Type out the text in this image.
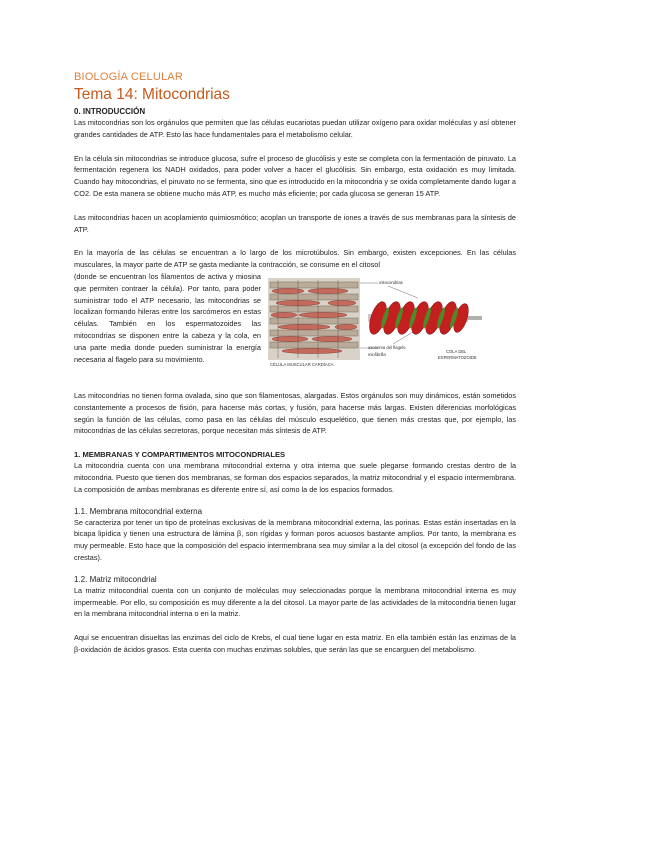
BIOLOGÍA CELULAR
Tema 14: Mitocondrias
0. INTRODUCCIÓN

Las mitocondrias son los orgánulos que permiten que las células eucariotas puedan utilizar oxígeno para oxidar moléculas y así obtener grandes cantidades de ATP. Esto las hace fundamentales para el metabolismo celular.

En la célula sin mitocondrias se introduce glucosa, sufre el proceso de glucólisis y este se completa con la fermentación de piruvato. La fermentación regenera los NADH oxidados, para poder volver a hacer el glucólisis. Sin embargo, esta oxidación es muy limitada. Cuando hay mitocondrias, el piruvato no se fermenta, sino que es introducido en la mitocondria y se oxida completamente dando lugar a CO2. De esta manera se obtiene mucho más ATP, es mucho más eficiente; por cada glucosa se generan 15 ATP.

Las mitocondrias hacen un acoplamiento quimiosmótico; acoplan un transporte de iones a través de sus membranas para la síntesis de ATP.

En la mayoría de las células se encuentran a lo largo de los microtúbulos. Sin embargo, existen excepciones. En las células musculares, la mayor parte de ATP se gasta mediante la contracción, se consume en el citosol

(donde se encuentran los filamentos de activa y miosina que permiten contraer la célula). Por tanto, para poder suministrar todo el ATP necesario, las mitocondrias se localizan formando hileras entre los sarcómeros en estas células. También en los espermatozoides las mitocondrias se disponen entre la cabeza y la cola, en una parte media donde pueden suministrar la energía necesaria al flagelo para su movimiento.

mitocondrias
axonema del flagelo
miofibrilla
CÉLULA MUSCULAR CARDÍACA
COLA DEL
ESPERMATOZOIDE

Las mitocondrias no tienen forma ovalada, sino que son filamentosas, alargadas. Estos orgánulos son muy dinámicos, están sometidos constantemente a procesos de fisión, para hacerse más cortas, y fusión, para hacerse más largas. Existen diferencias morfológicas según la función de las células, como pasa en las células del músculo esquelético, que tienen más crestas que, por ejemplo, las mitocondrias de las células secretoras, porque necesitan más síntesis de ATP.

1. MEMBRANAS Y COMPARTIMENTOS MITOCONDRIALES

La mitocondria cuenta con una membrana mitocondrial externa y otra interna que suele plegarse formando crestas dentro de la mitocondria. Puesto que tienen dos membranas, se forman dos espacios separados, la matriz mitocondrial y el espacio intermembrana. La composición de ambas membranas es diferente entre sí, así como la de los espacios formados.

1.1. Membrana mitocondrial externa

Se caracteriza por tener un tipo de proteínas exclusivas de la membrana mitocondrial externa, las porinas. Estas están insertadas en la bicapa lipídica y tienen una estructura de lámina β, son rígidas y forman poros acuosos bastante amplios. Por tanto, la membrana es muy permeable. Esto hace que la composición del espacio intermembrana sea muy similar a la del citosol (a excepción del fondo de las crestas).

1.2. Matriz mitocondrial

La matriz mitocondrial cuenta con un conjunto de moléculas muy seleccionadas porque la membrana mitocondrial interna es muy impermeable. Por ello, su composición es muy diferente a la del citosol. La mayor parte de las actividades de la mitocondria tienen lugar en la membrana mitocondrial interna o en la matriz.

Aquí se encuentran disueltas las enzimas del ciclo de Krebs, el cual tiene lugar en esta matriz. En ella también están las enzimas de la β-oxidación de ácidos grasos. Esta cuenta con muchas enzimas solubles, que serán las que se encarguen del metabolismo.
